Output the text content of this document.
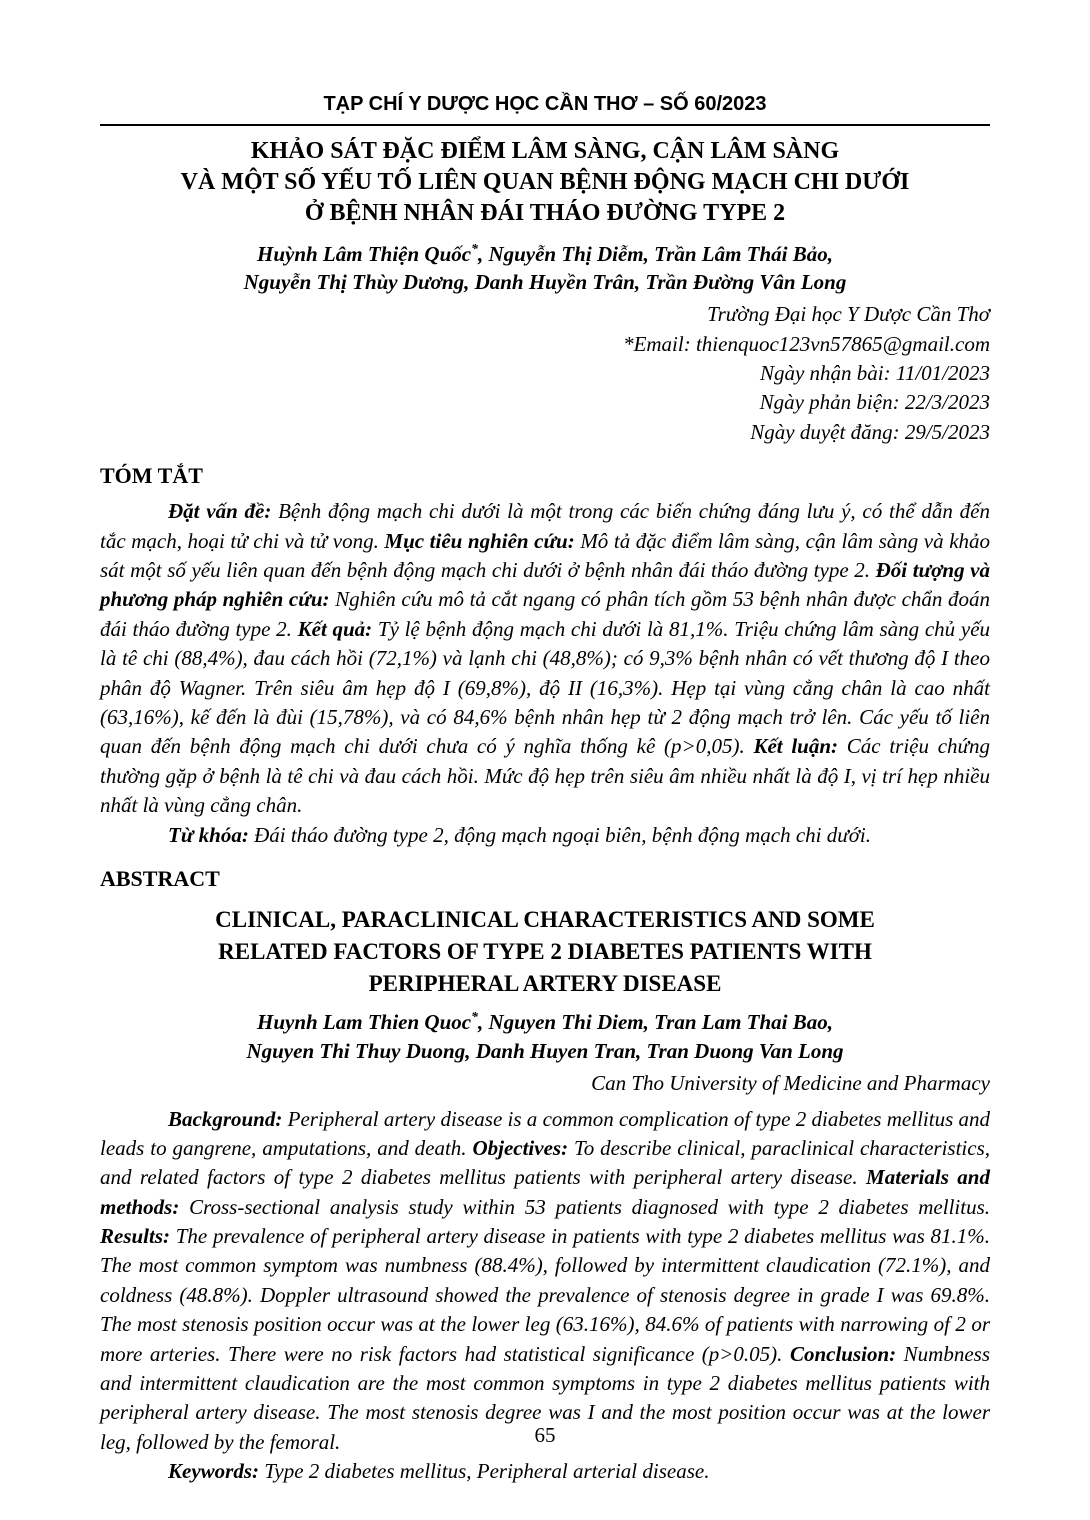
TẠP CHÍ Y DƯỢC HỌC CẦN THƠ – SỐ 60/2023
KHẢO SÁT ĐẶC ĐIỂM LÂM SÀNG, CẬN LÂM SÀNG
VÀ MỘT SỐ YẾU TỐ LIÊN QUAN BỆNH ĐỘNG MẠCH CHI DƯỚI
Ở BỆNH NHÂN ĐÁI THÁO ĐƯỜNG TYPE 2
Huỳnh Lâm Thiện Quốc*, Nguyễn Thị Diễm, Trần Lâm Thái Bảo,
Nguyễn Thị Thùy Dương, Danh Huyền Trân, Trần Đường Vân Long
Trường Đại học Y Dược Cần Thơ
*Email: thienquoc123vn57865@gmail.com
Ngày nhận bài: 11/01/2023
Ngày phản biện: 22/3/2023
Ngày duyệt đăng: 29/5/2023
TÓM TẮT

Đặt vấn đề: Bệnh động mạch chi dưới là một trong các biến chứng đáng lưu ý, có thể dẫn đến tắc mạch, hoại tử chi và tử vong. Mục tiêu nghiên cứu: Mô tả đặc điểm lâm sàng, cận lâm sàng và khảo sát một số yếu liên quan đến bệnh động mạch chi dưới ở bệnh nhân đái tháo đường type 2. Đối tượng và phương pháp nghiên cứu: Nghiên cứu mô tả cắt ngang có phân tích gồm 53 bệnh nhân được chẩn đoán đái tháo đường type 2. Kết quả: Tỷ lệ bệnh động mạch chi dưới là 81,1%. Triệu chứng lâm sàng chủ yếu là tê chi (88,4%), đau cách hồi (72,1%) và lạnh chi (48,8%); có 9,3% bệnh nhân có vết thương độ I theo phân độ Wagner. Trên siêu âm hẹp độ I (69,8%), độ II (16,3%). Hẹp tại vùng cẳng chân là cao nhất (63,16%), kế đến là đùi (15,78%), và có 84,6% bệnh nhân hẹp từ 2 động mạch trở lên. Các yếu tố liên quan đến bệnh động mạch chi dưới chưa có ý nghĩa thống kê (p>0,05). Kết luận: Các triệu chứng thường gặp ở bệnh là tê chi và đau cách hồi. Mức độ hẹp trên siêu âm nhiều nhất là độ I, vị trí hẹp nhiều nhất là vùng cẳng chân.

Từ khóa: Đái tháo đường type 2, động mạch ngoại biên, bệnh động mạch chi dưới.

ABSTRACT
CLINICAL, PARACLINICAL CHARACTERISTICS AND SOME
RELATED FACTORS OF TYPE 2 DIABETES PATIENTS WITH
PERIPHERAL ARTERY DISEASE
Huynh Lam Thien Quoc*, Nguyen Thi Diem, Tran Lam Thai Bao,
Nguyen Thi Thuy Duong, Danh Huyen Tran, Tran Duong Van Long
Can Tho University of Medicine and Pharmacy

Background: Peripheral artery disease is a common complication of type 2 diabetes mellitus and leads to gangrene, amputations, and death. Objectives: To describe clinical, paraclinical characteristics, and related factors of type 2 diabetes mellitus patients with peripheral artery disease. Materials and methods: Cross-sectional analysis study within 53 patients diagnosed with type 2 diabetes mellitus. Results: The prevalence of peripheral artery disease in patients with type 2 diabetes mellitus was 81.1%. The most common symptom was numbness (88.4%), followed by intermittent claudication (72.1%), and coldness (48.8%). Doppler ultrasound showed the prevalence of stenosis degree in grade I was 69.8%. The most stenosis position occur was at the lower leg (63.16%), 84.6% of patients with narrowing of 2 or more arteries. There were no risk factors had statistical significance (p>0.05). Conclusion: Numbness and intermittent claudication are the most common symptoms in type 2 diabetes mellitus patients with peripheral artery disease. The most stenosis degree was I and the most position occur was at the lower leg, followed by the femoral.

Keywords: Type 2 diabetes mellitus, Peripheral arterial disease.

65
